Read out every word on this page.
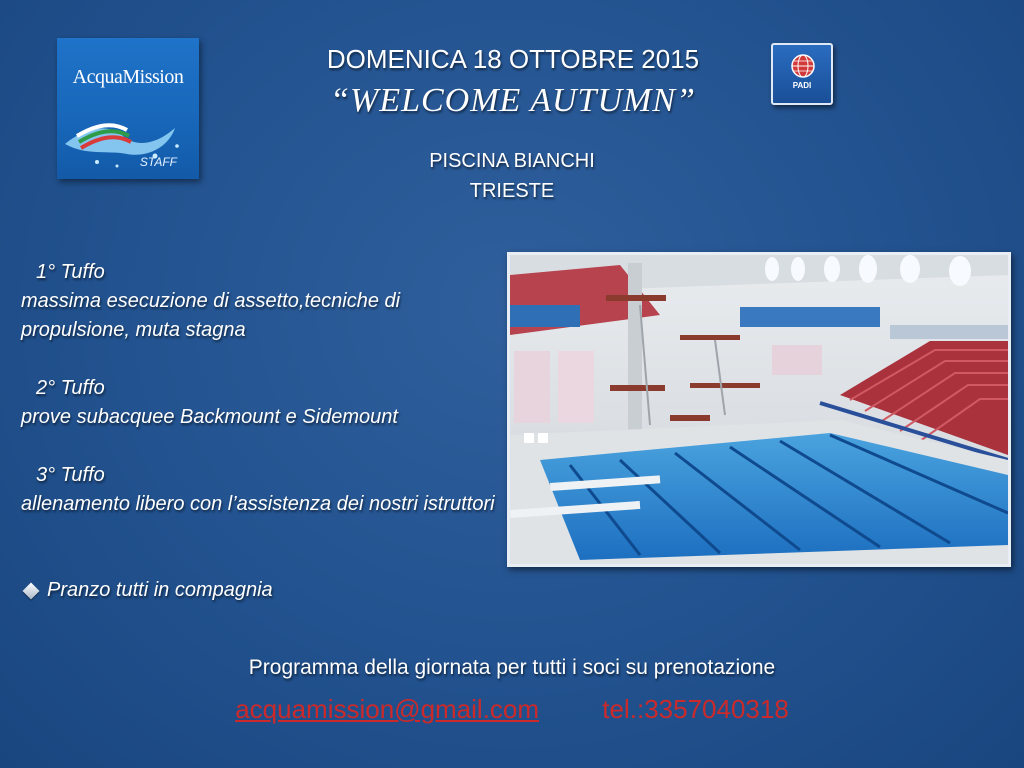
AcquaMission
STAFF
DOMENICA 18 OTTOBRE 2015
“WELCOME AUTUMN”
PISCINA BIANCHI
TRIESTE
PADI
1° Tuffo
massima esecuzione di assetto,tecniche di propulsione, muta stagna
2° Tuffo
prove subacquee Backmount e Sidemount
3° Tuffo
allenamento libero con l’assistenza dei nostri istruttori
Pranzo tutti in compagnia
Programma della giornata per tutti i soci su prenotazione
acquamission@gmail.com tel.:3357040318
